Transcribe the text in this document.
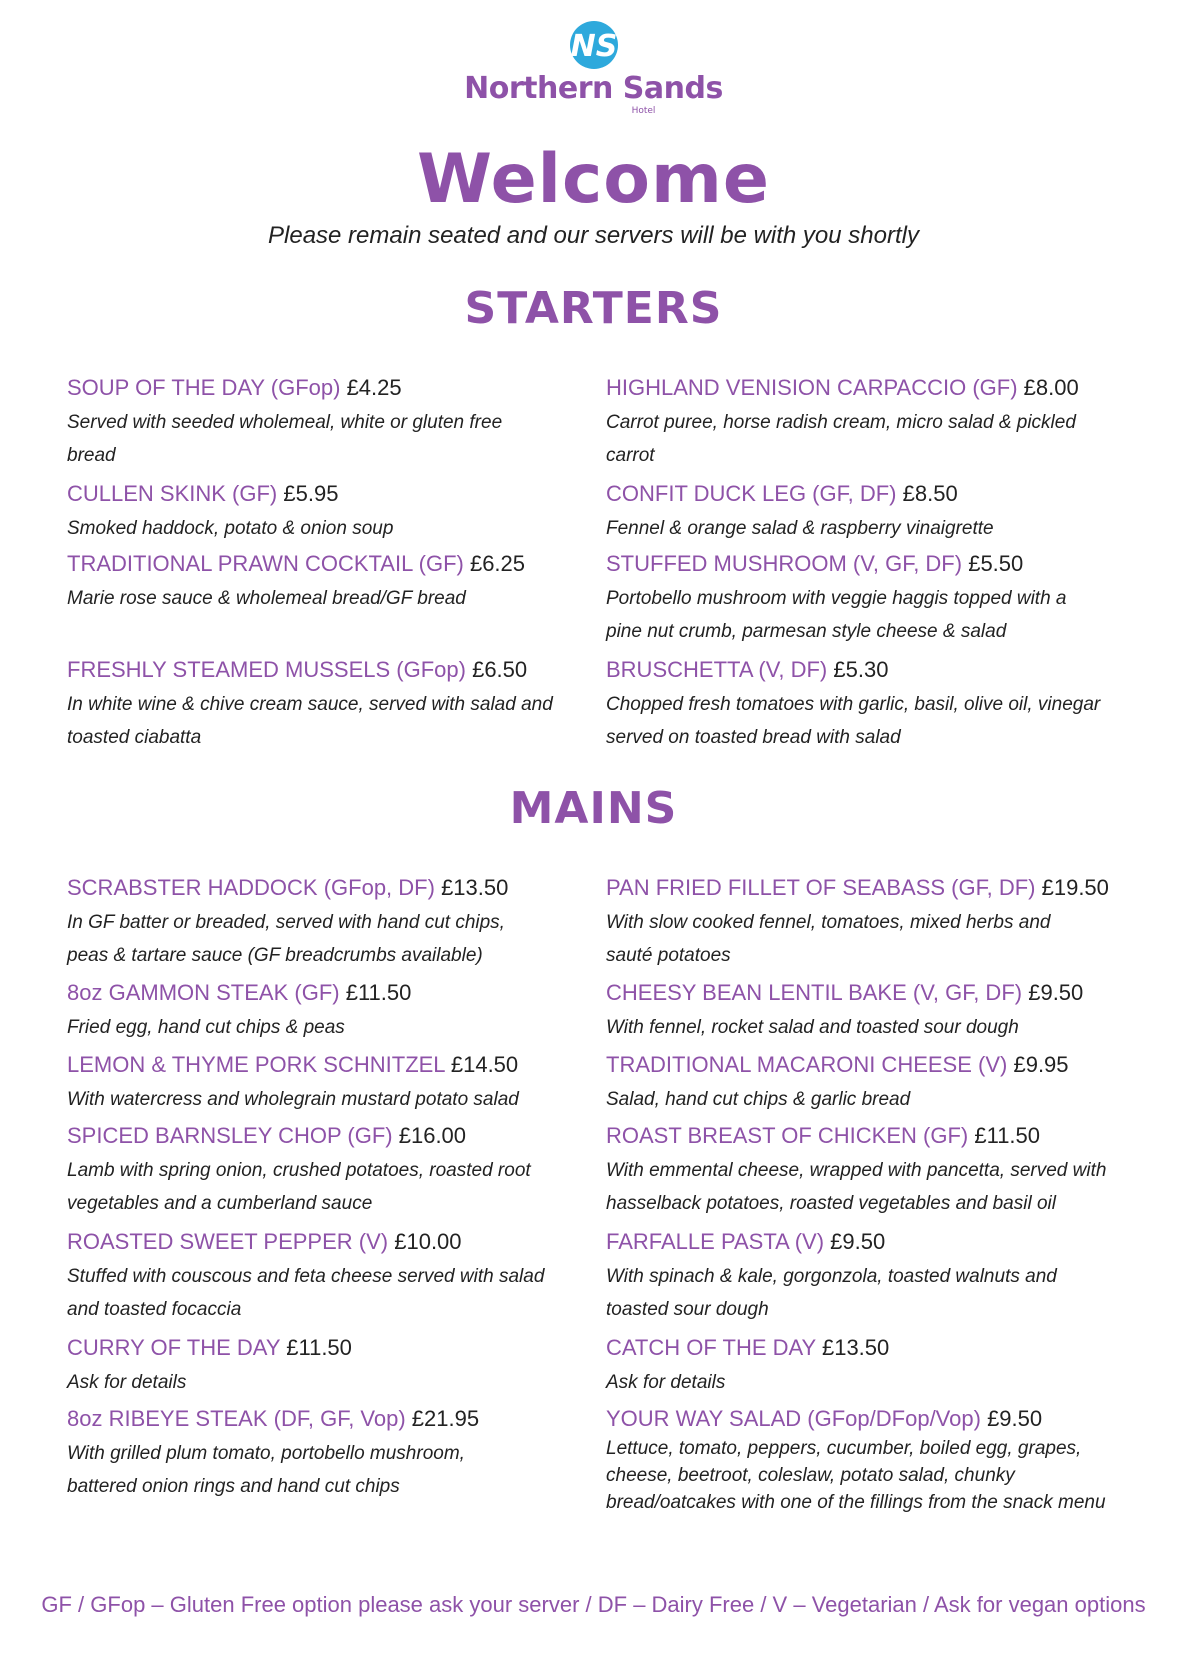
NS
Northern Sands
Hotel
Welcome
Please remain seated and our servers will be with you shortly
STARTERS
SOUP OF THE DAY (GFop) £4.25
Served with seeded wholemeal, white or gluten free bread
CULLEN SKINK (GF) £5.95
Smoked haddock, potato & onion soup
TRADITIONAL PRAWN COCKTAIL (GF) £6.25
Marie rose sauce & wholemeal bread/GF bread
FRESHLY STEAMED MUSSELS (GFop) £6.50
In white wine & chive cream sauce, served with salad and toasted ciabatta
HIGHLAND VENISION CARPACCIO (GF) £8.00
Carrot puree, horse radish cream, micro salad & pickled carrot
CONFIT DUCK LEG (GF, DF) £8.50
Fennel & orange salad & raspberry vinaigrette
STUFFED MUSHROOM (V, GF, DF) £5.50
Portobello mushroom with veggie haggis topped with a pine nut crumb, parmesan style cheese & salad
BRUSCHETTA (V, DF) £5.30
Chopped fresh tomatoes with garlic, basil, olive oil, vinegar served on toasted bread with salad
MAINS
SCRABSTER HADDOCK (GFop, DF) £13.50
In GF batter or breaded, served with hand cut chips, peas & tartare sauce (GF breadcrumbs available)
8oz GAMMON STEAK (GF) £11.50
Fried egg, hand cut chips & peas
LEMON & THYME PORK SCHNITZEL £14.50
With watercress and wholegrain mustard potato salad
SPICED BARNSLEY CHOP (GF) £16.00
Lamb with spring onion, crushed potatoes, roasted root vegetables and a cumberland sauce
ROASTED SWEET PEPPER (V) £10.00
Stuffed with couscous and feta cheese served with salad and toasted focaccia
CURRY OF THE DAY £11.50
Ask for details
8oz RIBEYE STEAK (DF, GF, Vop) £21.95
With grilled plum tomato, portobello mushroom, battered onion rings and hand cut chips
PAN FRIED FILLET OF SEABASS (GF, DF) £19.50
With slow cooked fennel, tomatoes, mixed herbs and sauté potatoes
CHEESY BEAN LENTIL BAKE (V, GF, DF) £9.50
With fennel, rocket salad and toasted sour dough
TRADITIONAL MACARONI CHEESE (V) £9.95
Salad, hand cut chips & garlic bread
ROAST BREAST OF CHICKEN (GF) £11.50
With emmental cheese, wrapped with pancetta, served with hasselback potatoes, roasted vegetables and basil oil
FARFALLE PASTA (V) £9.50
With spinach & kale, gorgonzola, toasted walnuts and toasted sour dough
CATCH OF THE DAY £13.50
Ask for details
YOUR WAY SALAD (GFop/DFop/Vop) £9.50
Lettuce, tomato, peppers, cucumber, boiled egg, grapes, cheese, beetroot, coleslaw, potato salad, chunky bread/oatcakes with one of the fillings from the snack menu
GF / GFop – Gluten Free option please ask your server / DF – Dairy Free / V – Vegetarian / Ask for vegan options
